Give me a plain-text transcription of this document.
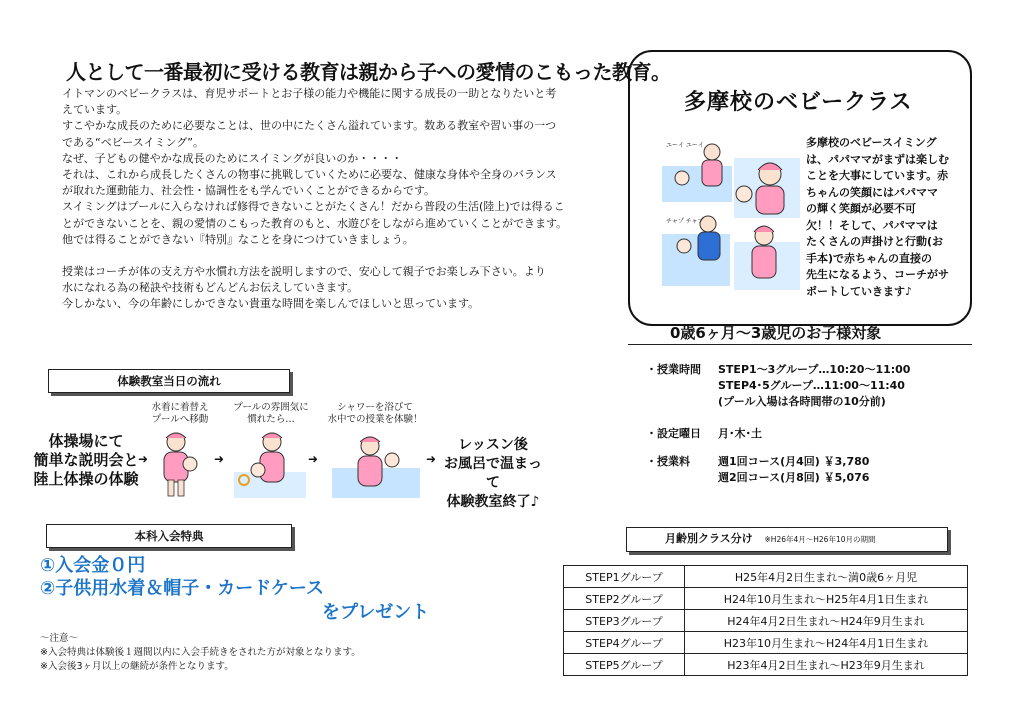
人として一番最初に受ける教育は親から子への愛情のこもった教育。

イトマンのベビークラスは、育児サポートとお子様の能力や機能に関する成長の一助となりたいと考

えています。

すこやかな成長のために必要なことは、世の中にたくさん溢れています。数ある教室や習い事の一つ

である“ベビースイミング”。

なぜ、子どもの健やかな成長のためにスイミングが良いのか・・・・

それは、これから成長したくさんの物事に挑戦していくために必要な、健康な身体や全身のバランス

が取れた運動能力、社会性・協調性をも学んでいくことができるからです。

スイミングはプールに入らなければ修得できないことがたくさん！だから普段の生活(陸上)では得るこ

とができないことを、親の愛情のこもった教育のもと、水遊びをしながら進めていくことができます。

他では得ることができない『特別』なことを身につけていきましょう。

授業はコーチが体の支え方や水慣れ方法を説明しますので、安心して親子でお楽しみ下さい。より

水になれる為の秘訣や技術もどんどんお伝えしていきます。

今しかない、今の年齢にしかできない貴重な時間を楽しんでほしいと思っています。

体験教室当日の流れ
体操場にて
簡単な説明会と
陸上体操の体験
➜
水着に着替え
プールへ移動
➜
プールの雰囲気に
慣れたら…
➜
シャワーを浴びて
水中での授業を体験！
➜
レッスン後
お風呂で温まって
体験教室終了♪
本科入会特典
①入会金０円
②子供用水着＆帽子・カードケース
をプレゼント
～注意～
※入会特典は体験後１週間以内に入会手続きをされた方が対象となります。
※入会後3ヶ月以上の継続が条件となります。
多摩校のベビークラス
ユーイ ユーイ
チャプ チャプ
多摩校のベビースイミング
は、パパママがまずは楽しむ
ことを大事にしています。赤
ちゃんの笑顔にはパパママ
の輝く笑顔が必要不可
欠！！そして、パパママは
たくさんの声掛けと行動(お
手本)で赤ちゃんの直接の
先生になるよう、コーチがサ
ポートしていきます♪
0歳6ヶ月～3歳児のお子様対象
・授業時間	STEP1～3グループ…10:20～11:00
STEP4･5グループ…11:00～11:40
(プール入場は各時間帯の10分前)
・設定曜日	月･木･土
・授業料	週1回コース(月4回) ￥3,780
週2回コース(月8回) ￥5,076
月齢別クラス分け ※H26年4月～H26年10月の期間
STEP1グループ	H25年4月2日生まれ～満0歳6ヶ月児
STEP2グループ	H24年10月生まれ～H25年4月1日生まれ
STEP3グループ	H24年4月2日生まれ～H24年9月生まれ
STEP4グループ	H23年10月生まれ～H24年4月1日生まれ
STEP5グループ	H23年4月2日生まれ～H23年9月生まれ
